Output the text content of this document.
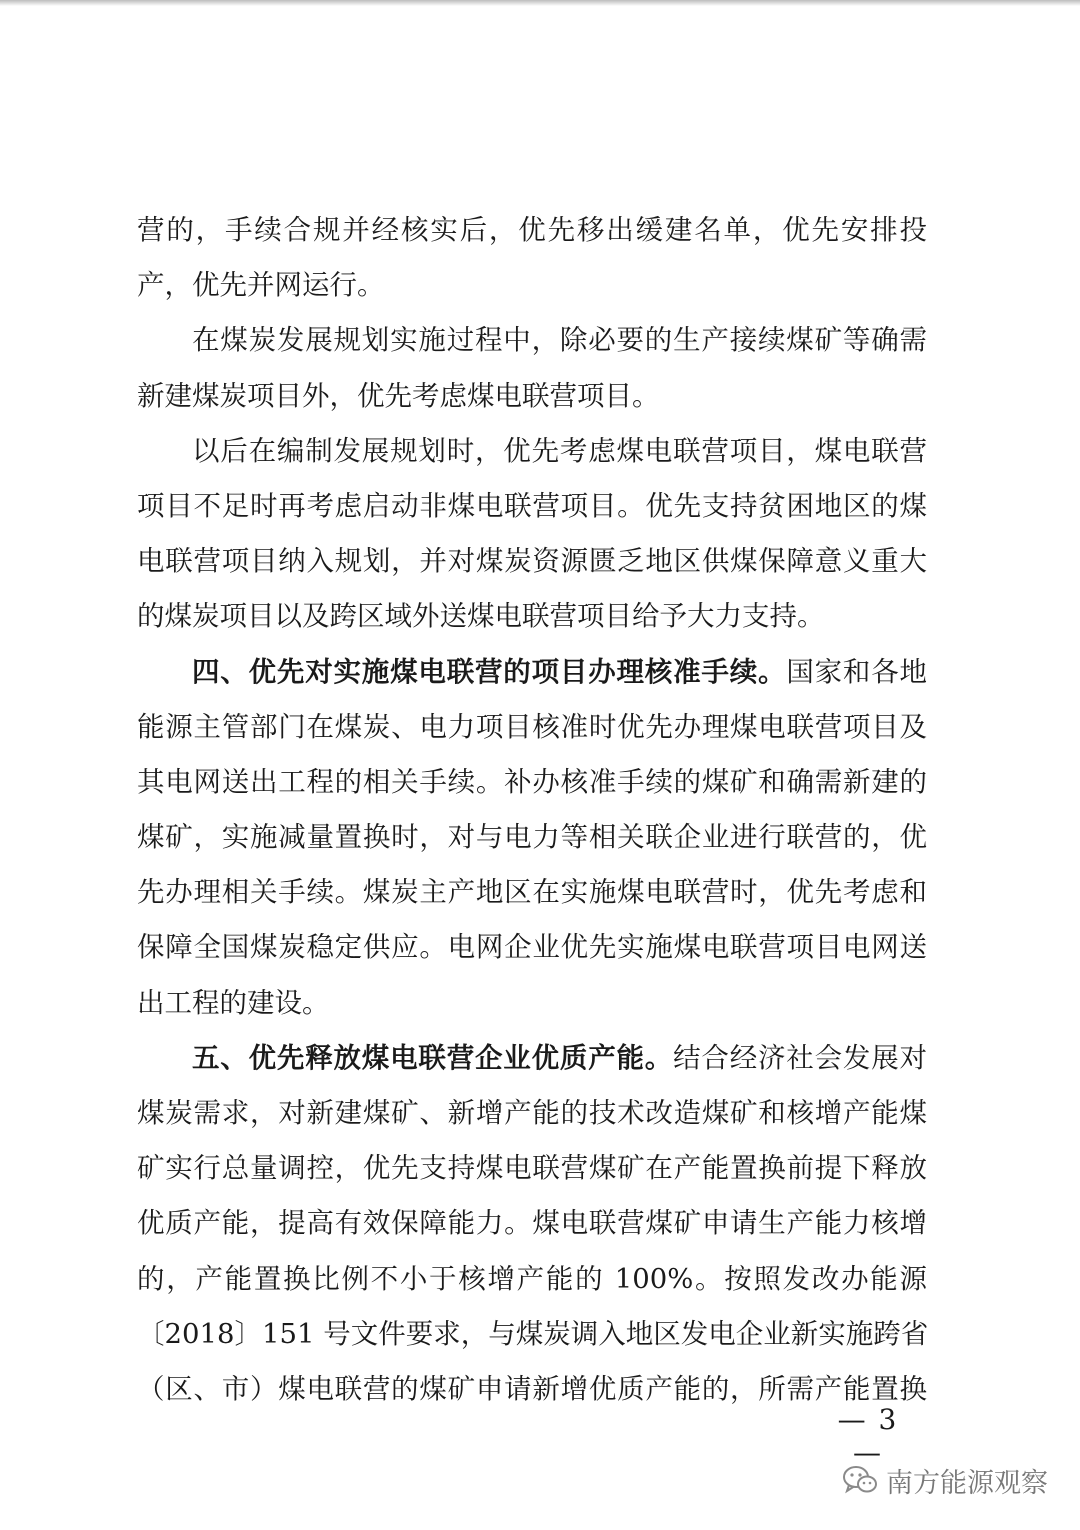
营的，手续合规并经核实后，优先移出缓建名单，优先安排投
产，优先并网运行。
在煤炭发展规划实施过程中，除必要的生产接续煤矿等确需
新建煤炭项目外，优先考虑煤电联营项目。
以后在编制发展规划时，优先考虑煤电联营项目，煤电联营
项目不足时再考虑启动非煤电联营项目。优先支持贫困地区的煤
电联营项目纳入规划，并对煤炭资源匮乏地区供煤保障意义重大
的煤炭项目以及跨区域外送煤电联营项目给予大力支持。
四、优先对实施煤电联营的项目办理核准手续。国家和各地
能源主管部门在煤炭、电力项目核准时优先办理煤电联营项目及
其电网送出工程的相关手续。补办核准手续的煤矿和确需新建的
煤矿，实施减量置换时，对与电力等相关联企业进行联营的，优
先办理相关手续。煤炭主产地区在实施煤电联营时，优先考虑和
保障全国煤炭稳定供应。电网企业优先实施煤电联营项目电网送
出工程的建设。
五、优先释放煤电联营企业优质产能。结合经济社会发展对
煤炭需求，对新建煤矿、新增产能的技术改造煤矿和核增产能煤
矿实行总量调控，优先支持煤电联营煤矿在产能置换前提下释放
优质产能，提高有效保障能力。煤电联营煤矿申请生产能力核增
的，产能置换比例不小于核增产能的 100%。按照发改办能源
〔2018〕151 号文件要求，与煤炭调入地区发电企业新实施跨省
（区、市）煤电联营的煤矿申请新增优质产能的，所需产能置换
— 3 —
南方能源观察
